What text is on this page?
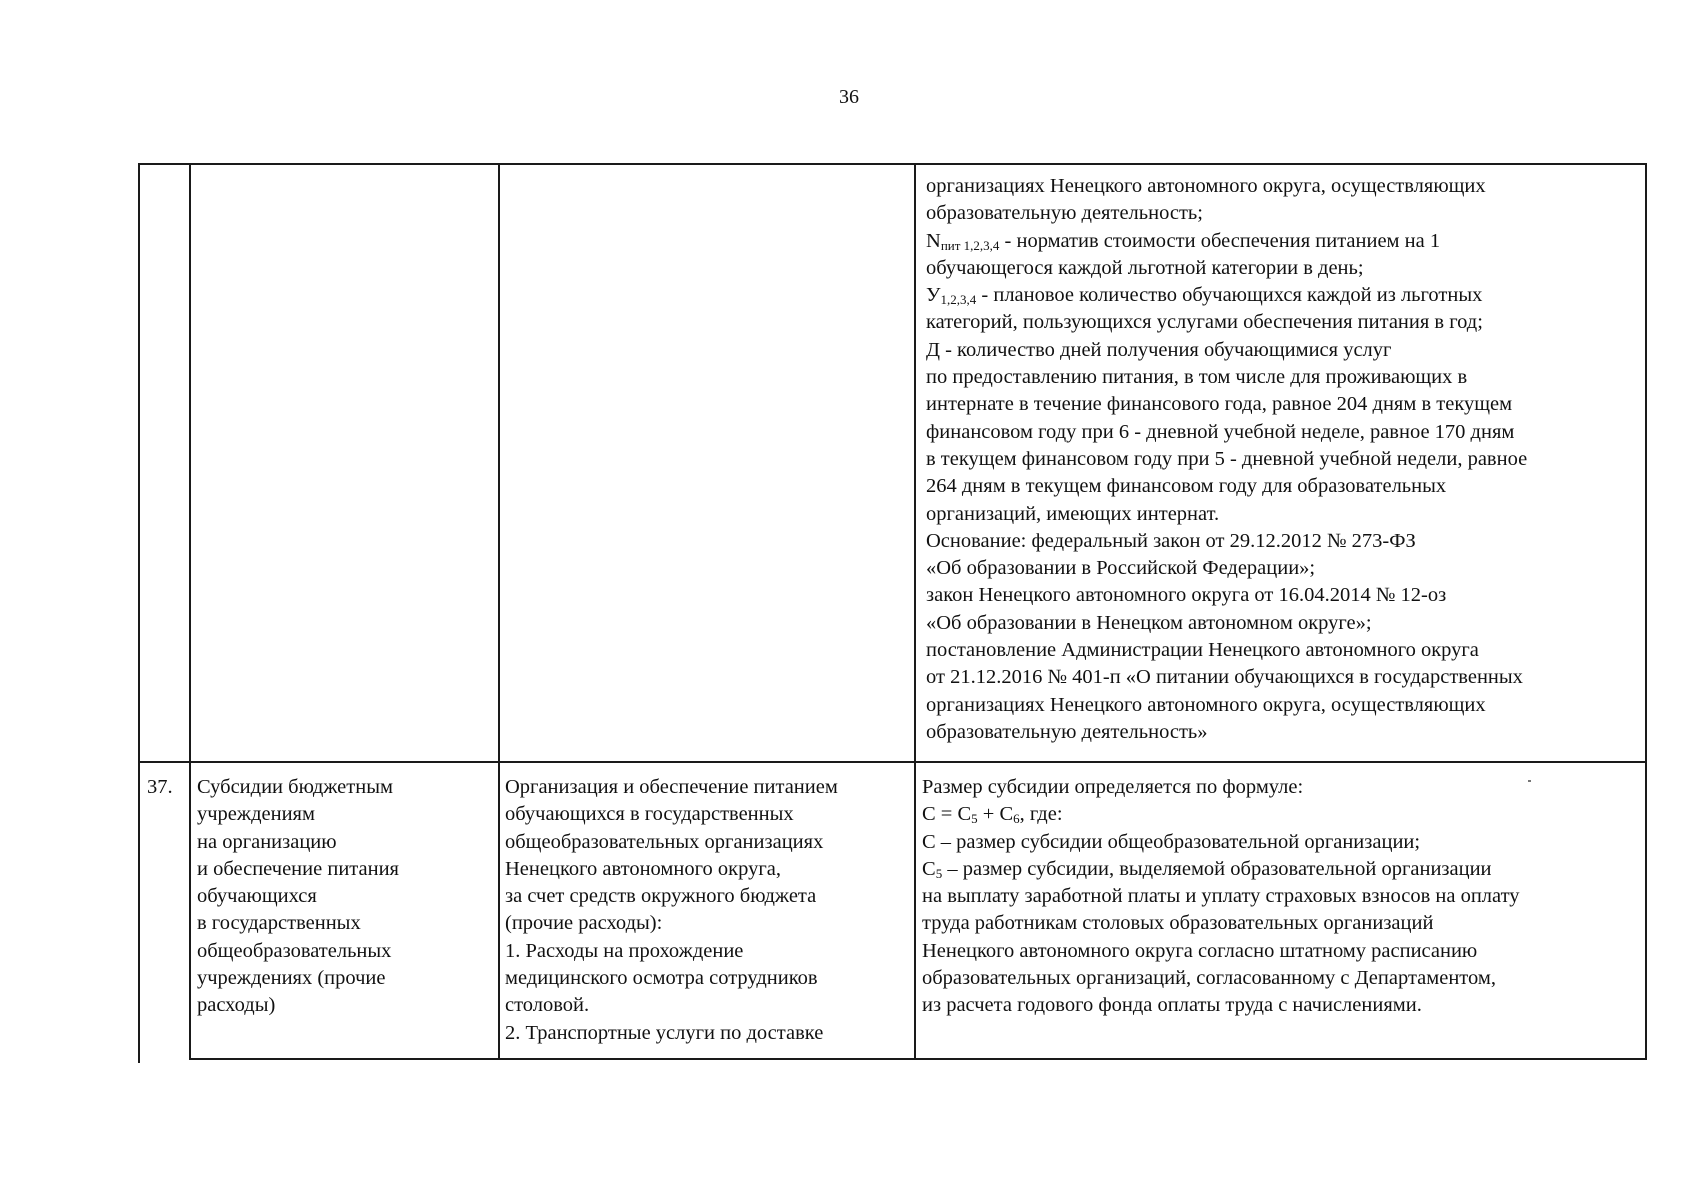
36
организациях Ненецкого автономного округа, осуществляющих
образовательную деятельность;
$N_{пит 1,2,3,4}$ - норматив стоимости обеспечения питанием на 1
обучающегося каждой льготной категории в день;
$У_{1,2,3,4}$ - плановое количество обучающихся каждой из льготных
категорий, пользующихся услугами обеспечения питания в год;
Д - количество дней получения обучающимися услуг
по предоставлению питания, в том числе для проживающих в
интернате в течение финансового года, равное 204 дням в текущем
финансовом году при 6 - дневной учебной неделе, равное 170 дням
в текущем финансовом году при 5 - дневной учебной недели, равное
264 дням в текущем финансовом году для образовательных
организаций, имеющих интернат.
Основание: федеральный закон от 29.12.2012 № 273-ФЗ
«Об образовании в Российской Федерации»;
закон Ненецкого автономного округа от 16.04.2014 № 12-оз
«Об образовании в Ненецком автономном округе»;
постановление Администрации Ненецкого автономного округа
от 21.12.2016 № 401-п «О питании обучающихся в государственных
организациях Ненецкого автономного округа, осуществляющих
образовательную деятельность»
37. Субсидии бюджетным
учреждениям
на организацию
и обеспечение питания
обучающихся
в государственных
общеобразовательных
учреждениях (прочие
расходы)
Организация и обеспечение питанием
обучающихся в государственных
общеобразовательных организациях
Ненецкого автономного округа,
за счет средств окружного бюджета
(прочие расходы):
1. Расходы на прохождение
медицинского осмотра сотрудников
столовой.
2. Транспортные услуги по доставке
Размер субсидии определяется по формуле:
$С = С_5 + С_6$, где:
С – размер субсидии общеобразовательной организации;
$С_5$ – размер субсидии, выделяемой образовательной организации
на выплату заработной платы и уплату страховых взносов на оплату
труда работникам столовых образовательных организаций
Ненецкого автономного округа согласно штатному расписанию
образовательных организаций, согласованному с Департаментом,
из расчета годового фонда оплаты труда с начислениями.
